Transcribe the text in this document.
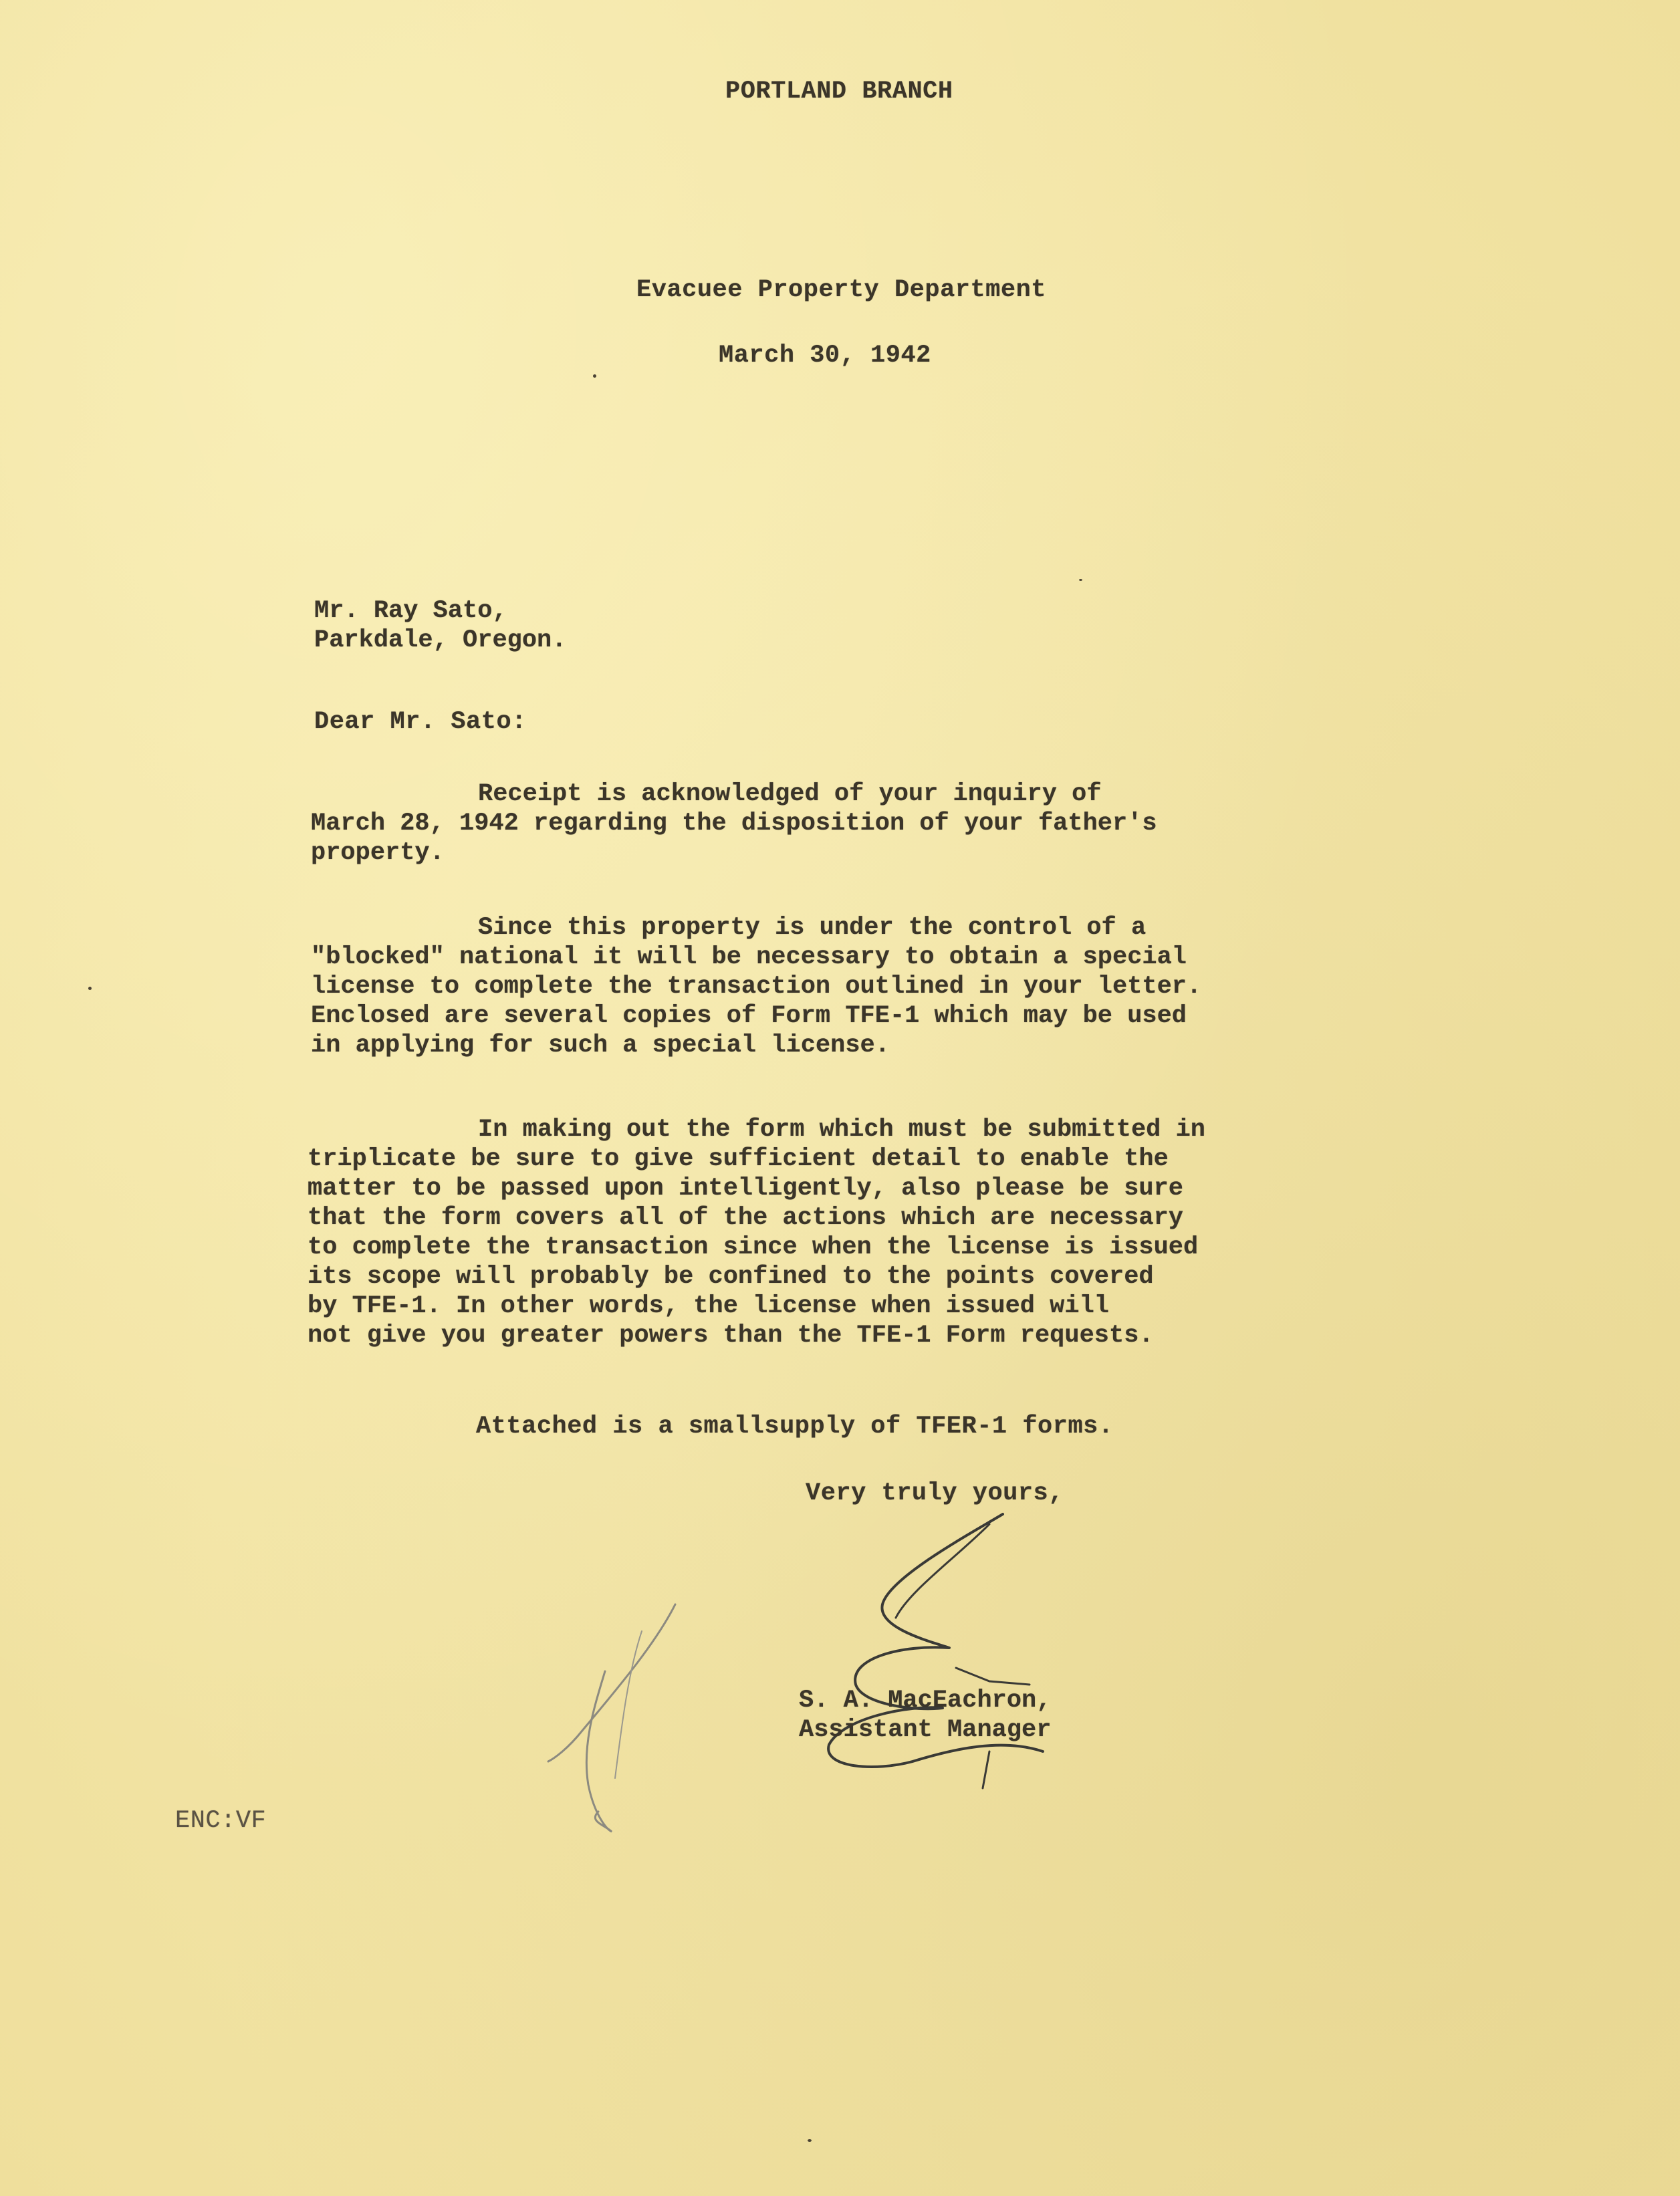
PORTLAND BRANCH
Evacuee Property Department
March 30, 1942
Mr. Ray Sato,
Parkdale, Oregon.
Dear Mr. Sato:
Receipt is acknowledged of your inquiry of
March 28, 1942 regarding the disposition of your father's
property.
Since this property is under the control of a
"blocked" national it will be necessary to obtain a special
license to complete the transaction outlined in your letter.
Enclosed are several copies of Form TFE-1 which may be used
in applying for such a special license.
In making out the form which must be submitted in
triplicate be sure to give sufficient detail to enable the
matter to be passed upon intelligently, also please be sure
that the form covers all of the actions which are necessary
to complete the transaction since when the license is issued
its scope will probably be confined to the points covered
by TFE-1. In other words, the license when issued will
not give you greater powers than the TFE-1 Form requests.
Attached is a smallsupply of TFER-1 forms.
Very truly yours,
S. A. MacEachron,
Assistant Manager
ENC:VF
